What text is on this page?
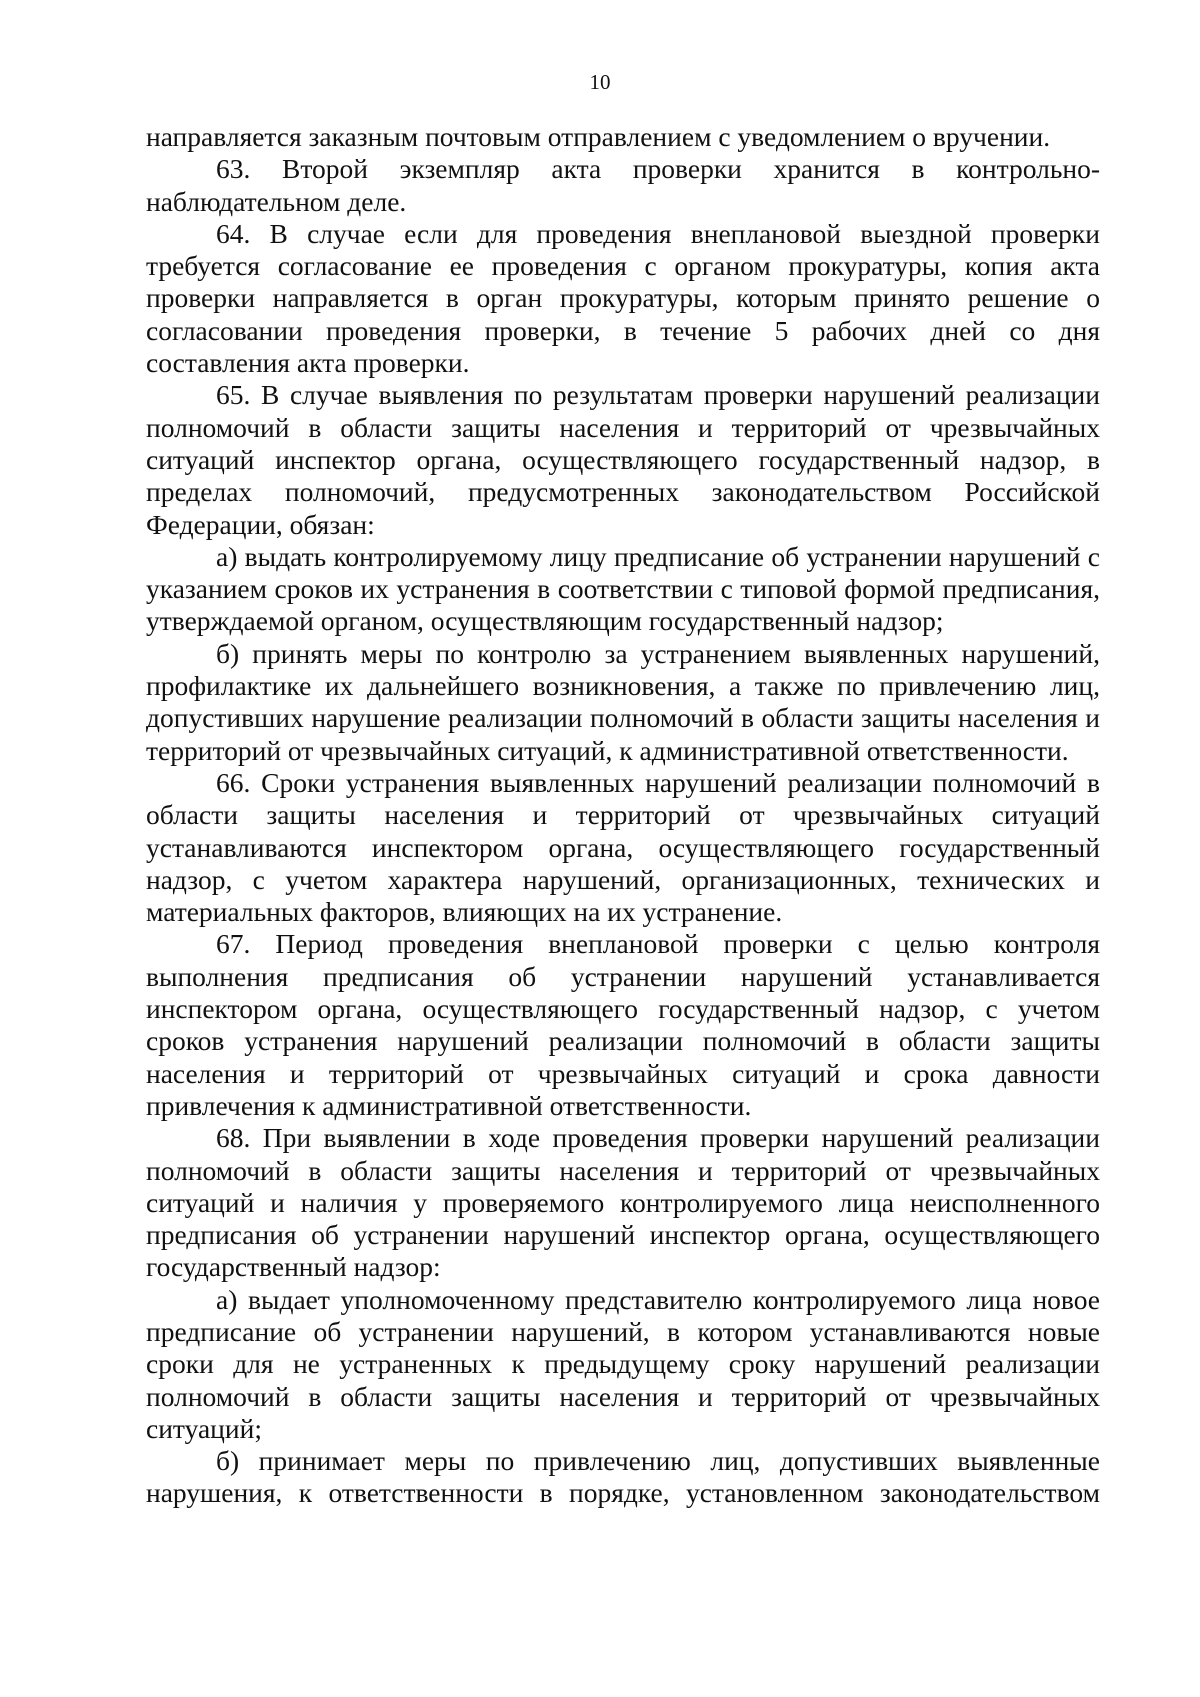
10

направляется заказным почтовым отправлением с уведомлением о вручении.

63. Второй экземпляр акта проверки хранится в контрольно-наблюдательном деле.

64. В случае если для проведения внеплановой выездной проверки требуется согласование ее проведения с органом прокуратуры, копия акта проверки направляется в орган прокуратуры, которым принято решение о согласовании проведения проверки, в течение 5 рабочих дней со дня составления акта проверки.

65. В случае выявления по результатам проверки нарушений реализации полномочий в области защиты населения и территорий от чрезвычайных ситуаций инспектор органа, осуществляющего государственный надзор, в пределах полномочий, предусмотренных законодательством Российской Федерации, обязан:

а) выдать контролируемому лицу предписание об устранении нарушений с указанием сроков их устранения в соответствии с типовой формой предписания, утверждаемой органом, осуществляющим государственный надзор;

б) принять меры по контролю за устранением выявленных нарушений, профилактике их дальнейшего возникновения, а также по привлечению лиц, допустивших нарушение реализации полномочий в области защиты населения и территорий от чрезвычайных ситуаций, к административной ответственности.

66. Сроки устранения выявленных нарушений реализации полномочий в области защиты населения и территорий от чрезвычайных ситуаций устанавливаются инспектором органа, осуществляющего государственный надзор, с учетом характера нарушений, организационных, технических и материальных факторов, влияющих на их устранение.

67. Период проведения внеплановой проверки с целью контроля выполнения предписания об устранении нарушений устанавливается инспектором органа, осуществляющего государственный надзор, с учетом сроков устранения нарушений реализации полномочий в области защиты населения и территорий от чрезвычайных ситуаций и срока давности привлечения к административной ответственности.

68. При выявлении в ходе проведения проверки нарушений реализации полномочий в области защиты населения и территорий от чрезвычайных ситуаций и наличия у проверяемого контролируемого лица неисполненного предписания об устранении нарушений инспектор органа, осуществляющего государственный надзор:

а) выдает уполномоченному представителю контролируемого лица новое предписание об устранении нарушений, в котором устанавливаются новые сроки для не устраненных к предыдущему сроку нарушений реализации полномочий в области защиты населения и территорий от чрезвычайных ситуаций;

б) принимает меры по привлечению лиц, допустивших выявленные нарушения, к ответственности в порядке, установленном законодательством
